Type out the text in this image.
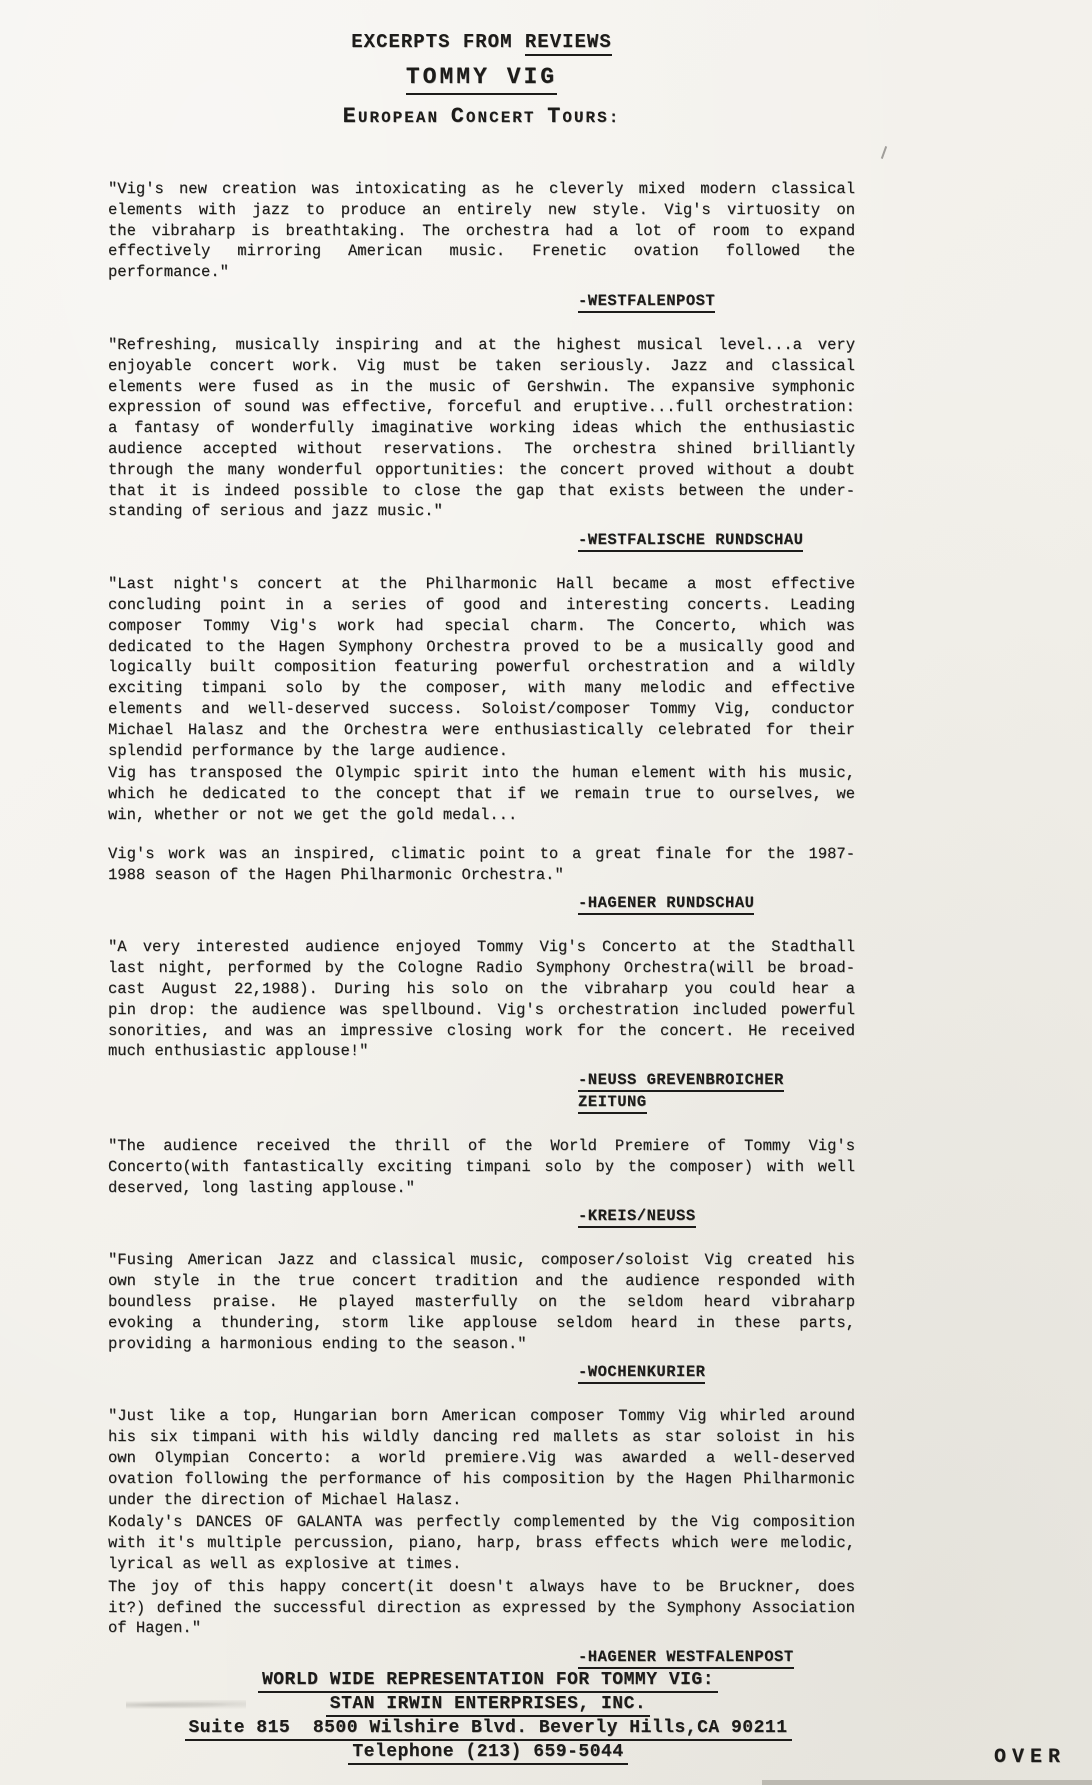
EXCERPTS FROM REVIEWS
TOMMY VIG
EUROPEAN CONCERT TOURS:
"Vig's new creation was intoxicating as he cleverly mixed modern classical
elements with jazz to produce an entirely new style. Vig's virtuosity on
the vibraharp is breathtaking. The orchestra had a lot of room to expand
effectively mirroring American music. Frenetic ovation followed the
performance."
-WESTFALENPOST
"Refreshing, musically inspiring and at the highest musical level...a very
enjoyable concert work. Vig must be taken seriously. Jazz and classical
elements were fused as in the music of Gershwin. The expansive symphonic
expression of sound was effective, forceful and eruptive...full orchestration:
a fantasy of wonderfully imaginative working ideas which the enthusiastic
audience accepted without reservations. The orchestra shined brilliantly
through the many wonderful opportunities: the concert proved without a doubt
that it is indeed possible to close the gap that exists between the under-
standing of serious and jazz music."
-WESTFALISCHE RUNDSCHAU
"Last night's concert at the Philharmonic Hall became a most effective
concluding point in a series of good and interesting concerts. Leading
composer Tommy Vig's work had special charm. The Concerto, which was
dedicated to the Hagen Symphony Orchestra proved to be a musically good and
logically built composition featuring powerful orchestration and a wildly
exciting timpani solo by the composer, with many melodic and effective
elements and well-deserved success. Soloist/composer Tommy Vig, conductor
Michael Halasz and the Orchestra were enthusiastically celebrated for their
splendid performance by the large audience.
Vig has transposed the Olympic spirit into the human element with his music,
which he dedicated to the concept that if we remain true to ourselves, we
win, whether or not we get the gold medal...
Vig's work was an inspired, climatic point to a great finale for the 1987-
1988 season of the Hagen Philharmonic Orchestra."
-HAGENER RUNDSCHAU
"A very interested audience enjoyed Tommy Vig's Concerto at the Stadthall
last night, performed by the Cologne Radio Symphony Orchestra(will be broad-
cast August 22,1988). During his solo on the vibraharp you could hear a
pin drop: the audience was spellbound. Vig's orchestration included powerful
sonorities, and was an impressive closing work for the concert. He received
much enthusiastic applouse!"
-NEUSS GREVENBROICHER ZEITUNG
"The audience received the thrill of the World Premiere of Tommy Vig's
Concerto(with fantastically exciting timpani solo by the composer) with well
deserved, long lasting applouse."
-KREIS/NEUSS
"Fusing American Jazz and classical music, composer/soloist Vig created his
own style in the true concert tradition and the audience responded with
boundless praise. He played masterfully on the seldom heard vibraharp
evoking a thundering, storm like applouse seldom heard in these parts,
providing a harmonious ending to the season."
-WOCHENKURIER
"Just like a top, Hungarian born American composer Tommy Vig whirled around
his six timpani with his wildly dancing red mallets as star soloist in his
own Olympian Concerto: a world premiere.Vig was awarded a well-deserved
ovation following the performance of his composition by the Hagen Philharmonic
under the direction of Michael Halasz.
Kodaly's DANCES OF GALANTA was perfectly complemented by the Vig composition
with it's multiple percussion, piano, harp, brass effects which were melodic,
lyrical as well as explosive at times.
The joy of this happy concert(it doesn't always have to be Bruckner, does
it?) defined the successful direction as expressed by the Symphony Association
of Hagen."
-HAGENER WESTFALENPOST
WORLD WIDE REPRESENTATION FOR TOMMY VIG:
STAN IRWIN ENTERPRISES, INC.
Suite 815  8500 Wilshire Blvd. Beverly Hills,CA 90211
Telephone (213) 659-5044	OVER
